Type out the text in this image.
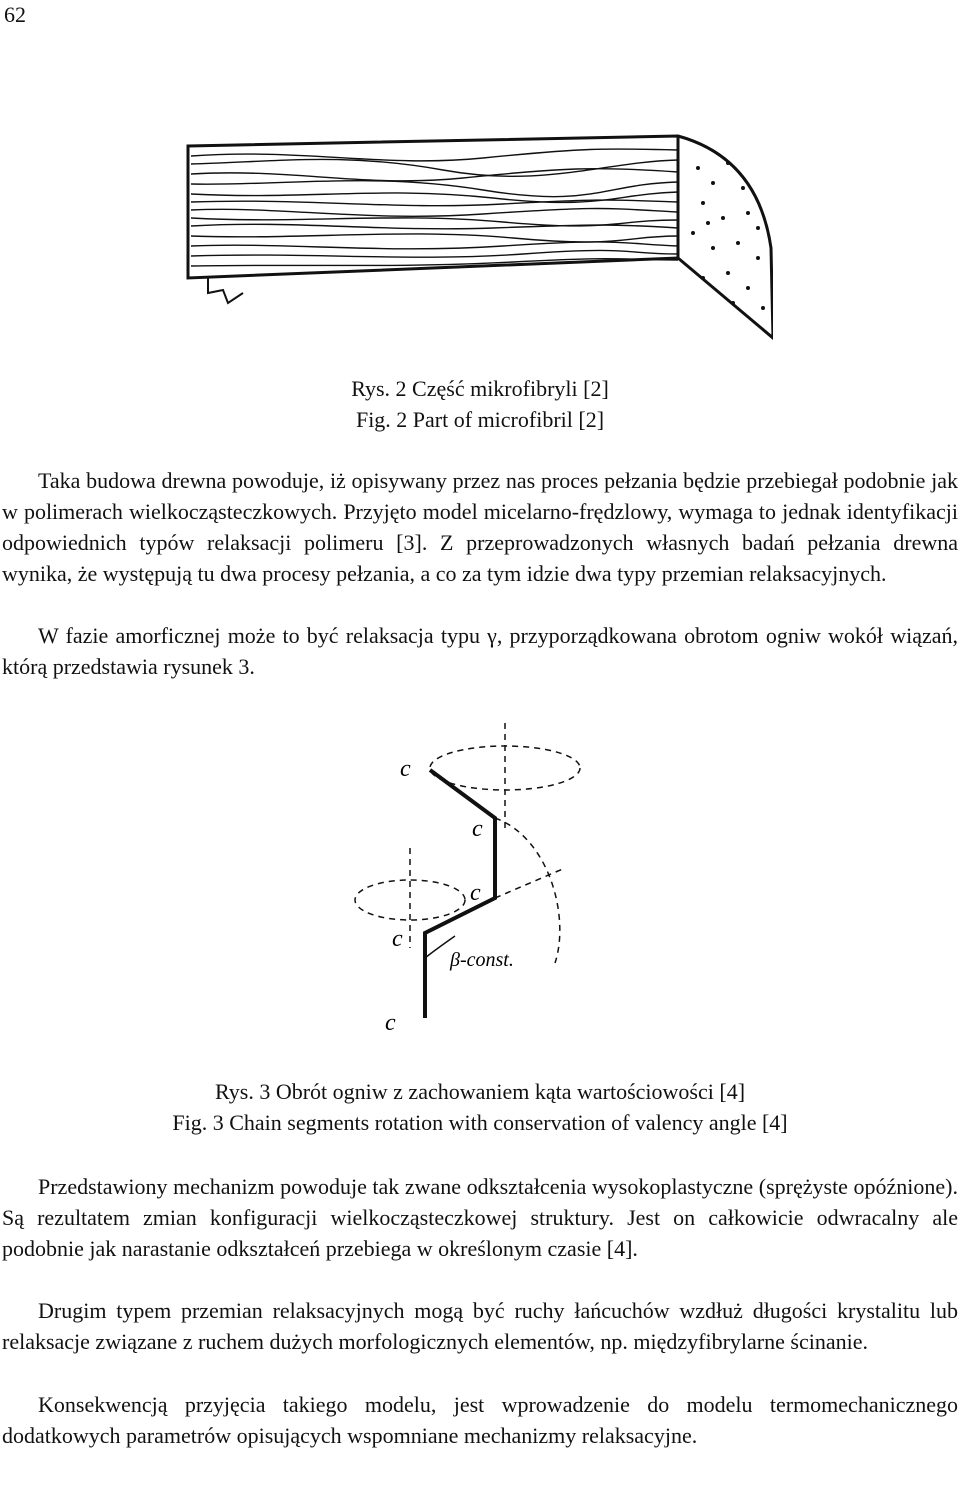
62
Rys. 2 Część mikrofibryli [2]
Fig. 2 Part of microfibril [2]

Taka budowa drewna powoduje, iż opisywany przez nas proces pełzania będzie przebiegał podobnie jak w polimerach wielkocząsteczkowych. Przyjęto model micelarno-frędzlowy, wymaga to jednak identyfikacji odpowiednich typów relaksacji polimeru [3]. Z przeprowadzonych własnych badań pełzania drewna wynika, że występują tu dwa procesy pełzania, a co za tym idzie dwa typy przemian relaksacyjnych.

W fazie amorficznej może to być relaksacja typu γ, przyporządkowana obrotom ogniw wokół wiązań, którą przedstawia rysunek 3.

c
c
c
c
c
β-const.
Rys. 3 Obrót ogniw z zachowaniem kąta wartościowości [4]
Fig. 3 Chain segments rotation with conservation of valency angle [4]

Przedstawiony mechanizm powoduje tak zwane odkształcenia wysokoplastyczne (sprężyste opóźnione). Są rezultatem zmian konfiguracji wielkocząsteczkowej struktury. Jest on całkowicie odwracalny ale podobnie jak narastanie odkształceń przebiega w określonym czasie [4].

Drugim typem przemian relaksacyjnych mogą być ruchy łańcuchów wzdłuż długości krystalitu lub relaksacje związane z ruchem dużych morfologicznych elementów, np. międzyfibrylarne ścinanie.

Konsekwencją przyjęcia takiego modelu, jest wprowadzenie do modelu termomechanicznego dodatkowych parametrów opisujących wspomniane mechanizmy relaksacyjne.
